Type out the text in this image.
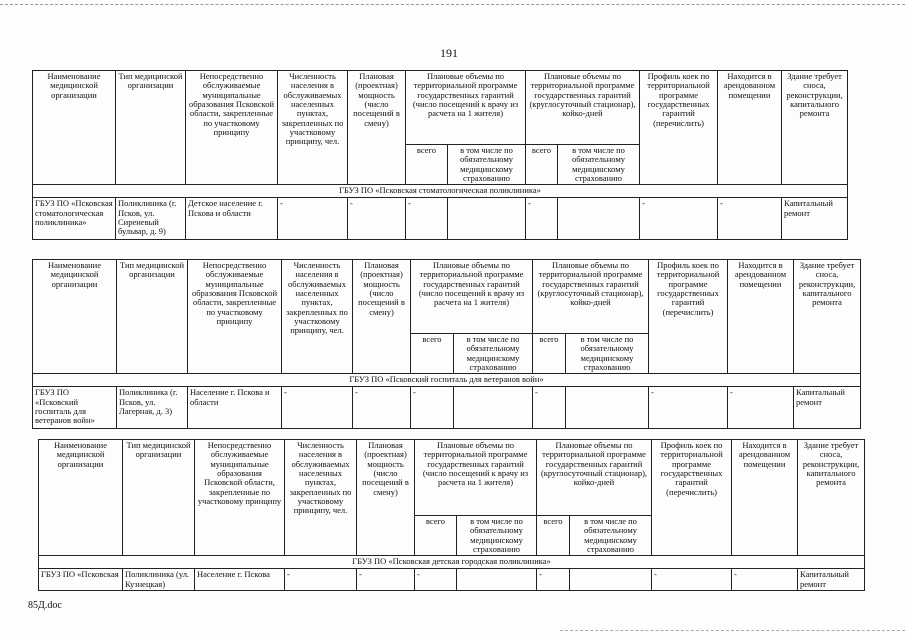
191
Наименование медицинской организации	Тип медицинской организации	Непосредственно обслуживаемые муниципальные образования Псковской области, закрепленные по участковому принципу	Численность населения в обслуживаемых населенных пунктах, закрепленных по участковому принципу, чел.	Плановая (проектная) мощность (число посещений в смену)	Плановые объемы по территориальной программе государственных гарантий (число посещений к врачу из расчета на 1 жителя)		Плановые объемы по территориальной программе государственных гарантий (круглосуточный стационар), койко-дней		Профиль коек по территориальной программе государственных гарантий (перечислить)	Находится в арендованном помещении	Здание требует сноса, реконструкции, капитального ремонта
					всего	в том числе по обязательному медицинскому страхованию	всего	в том числе по обязательному медицинскому страхованию			
ГБУЗ ПО «Псковская стоматологическая поликлиника»											
ГБУЗ ПО «Псковская стоматологическая поликлиника»	Поликлиника (г. Псков, ул. Сиреневый бульвар, д. 9)	Детское население г. Пскова и области	-	-	-		-		-	-	Капитальный ремонт
Наименование медицинской организации	Тип медицинской организации	Непосредственно обслуживаемые муниципальные образования Псковской области, закрепленные по участковому принципу	Численность населения в обслуживаемых населенных пунктах, закрепленных по участковому принципу, чел.	Плановая (проектная) мощность (число посещений в смену)	Плановые объемы по территориальной программе государственных гарантий (число посещений к врачу из расчета на 1 жителя)		Плановые объемы по территориальной программе государственных гарантий (круглосуточный стационар), койко-дней		Профиль коек по территориальной программе государственных гарантий (перечислить)	Находится в арендованном помещении	Здание требует сноса, реконструкции, капитального ремонта
					всего	в том числе по обязательному медицинскому страхованию	всего	в том числе по обязательному медицинскому страхованию			
ГБУЗ ПО «Псковский госпиталь для ветеранов войн»											
ГБУЗ ПО «Псковский госпиталь для ветеранов войн»	Поликлиника (г. Псков, ул. Лагерная, д. 3)	Население г. Пскова и области	-	-	-		-		-	-	Капитальный ремонт
Наименование медицинской организации	Тип медицинской организации	Непосредственно обслуживаемые муниципальные образования Псковской области, закрепленные по участковому принципу	Численность населения в обслуживаемых населенных пунктах, закрепленных по участковому принципу, чел.	Плановая (проектная) мощность (число посещений в смену)	Плановые объемы по территориальной программе государственных гарантий (число посещений к врачу из расчета на 1 жителя)		Плановые объемы по территориальной программе государственных гарантий (круглосуточный стационар), койко-дней		Профиль коек по территориальной программе государственных гарантий (перечислить)	Находится в арендованном помещении	Здание требует сноса, реконструкции, капитального ремонта
					всего	в том числе по обязательному медицинскому страхованию	всего	в том числе по обязательному медицинскому страхованию			
ГБУЗ ПО «Псковская детская городская поликлиника»											
ГБУЗ ПО «Псковская	Поликлиника (ул. Кузнецкая)	Население г. Пскова	-	-	-		-		-	-	Капитальный ремонт
85Д.doc
